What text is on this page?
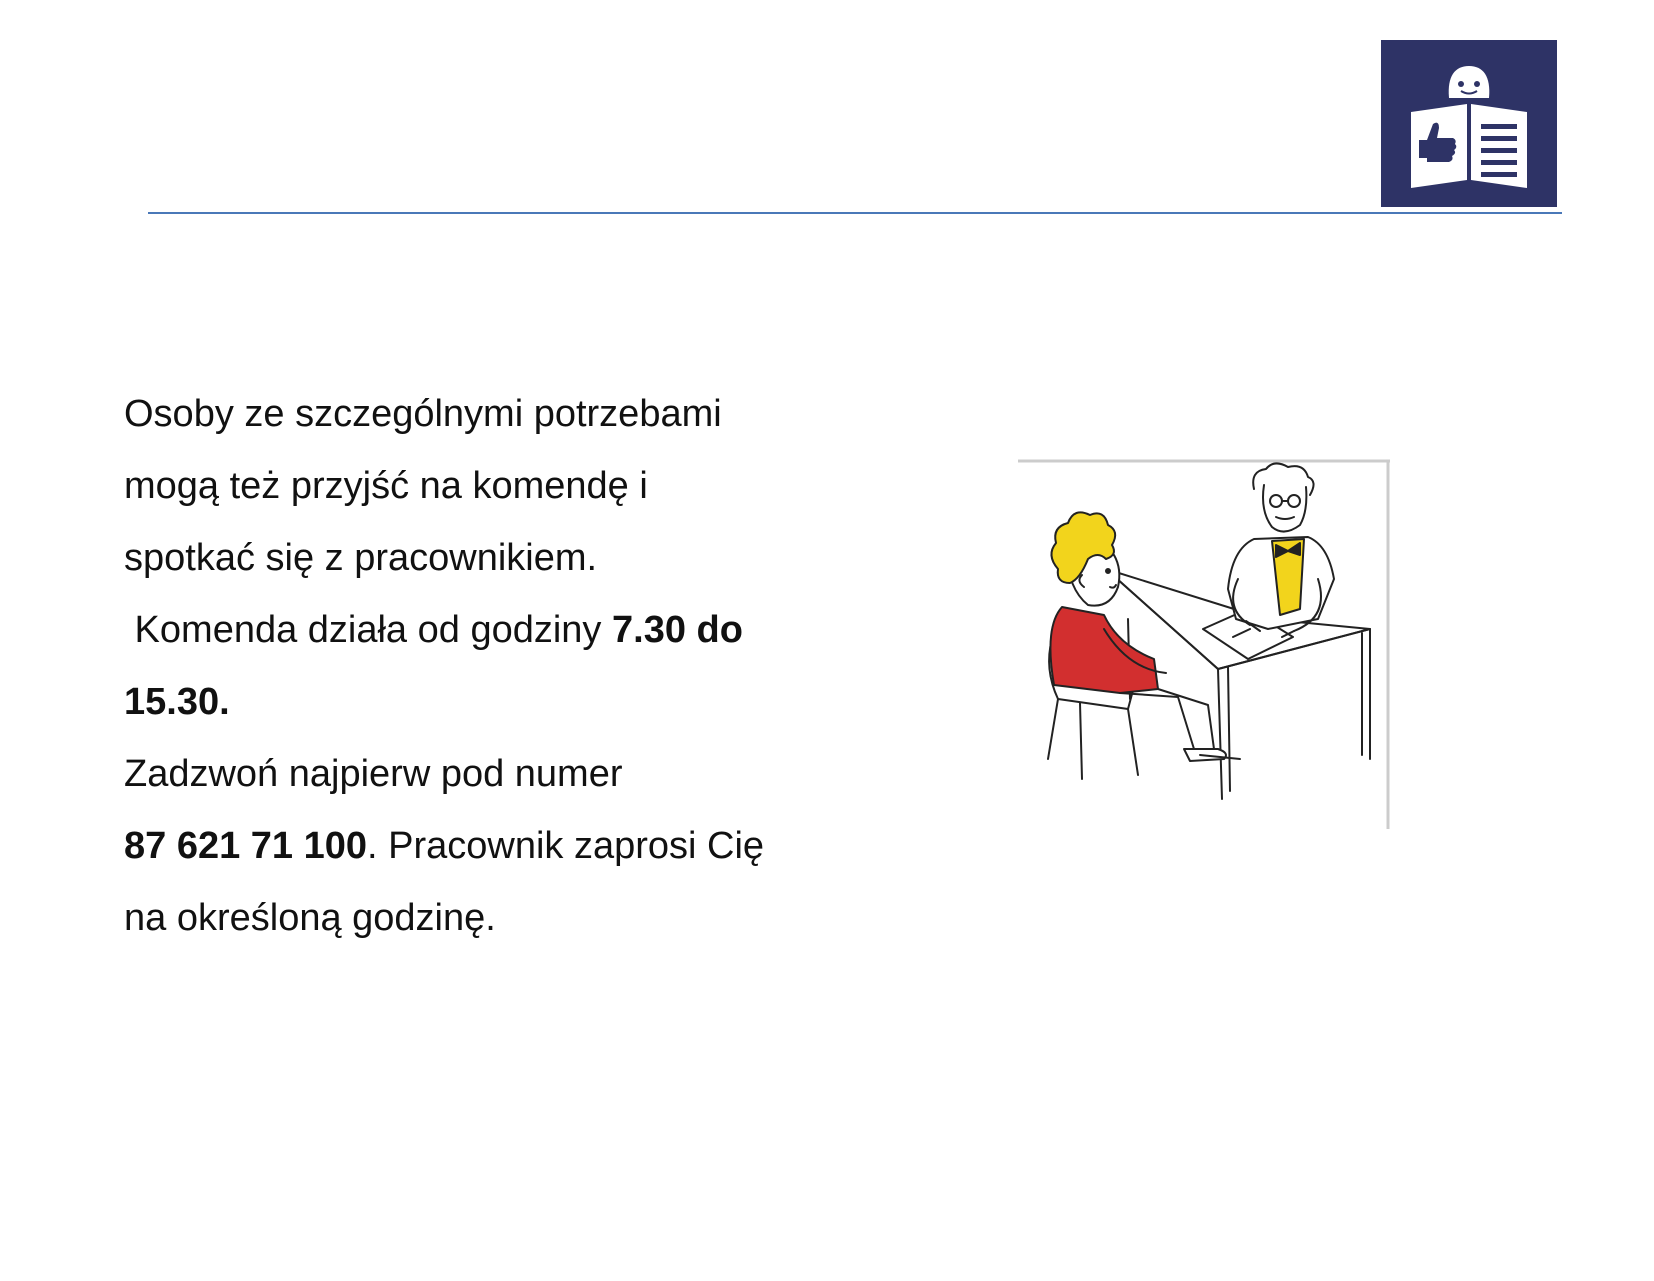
Osoby ze szczególnymi potrzebami
mogą też przyjść na komendę i
spotkać się z pracownikiem.
Komenda działa od godziny 7.30 do
15.30.
Zadzwoń najpierw pod numer
87 621 71 100. Pracownik zaprosi Cię
na określoną godzinę.
